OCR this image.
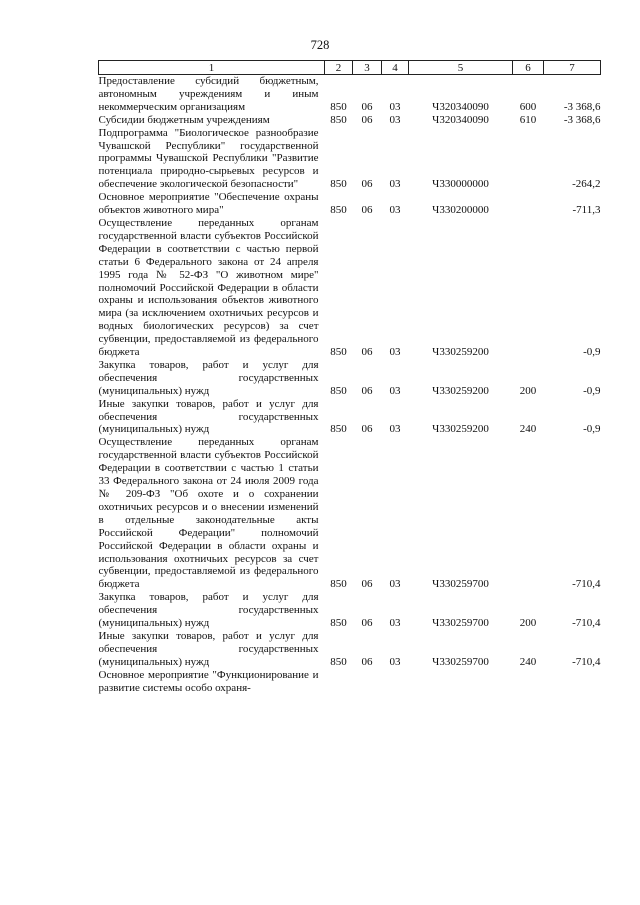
728
1	2	3	4	5	6	7
Предоставление субсидий бюджетным, автономным учреждениям и иным некоммерческим организациям	850	06	03	Ч320340090	600	-3 368,6
Субсидии бюджетным учреждениям	850	06	03	Ч320340090	610	-3 368,6
Подпрограмма "Биологическое разнообразие Чувашской Республики" государственной программы Чувашской Республики "Развитие потенциала природно-сырьевых ресурсов и обеспечение экологической безопасности"	850	06	03	Ч330000000		-264,2
Основное мероприятие "Обеспечение охраны объектов животного мира"	850	06	03	Ч330200000		-711,3
Осуществление переданных органам государственной власти субъектов Российской Федерации в соответствии с частью первой статьи 6 Федерального закона от 24 апреля 1995 года № 52-ФЗ "О животном мире" полномочий Российской Федерации в области охраны и использования объектов животного мира (за исключением охотничьих ресурсов и водных биологических ресурсов) за счет субвенции, предоставляемой из федерального бюджета	850	06	03	Ч330259200		-0,9
Закупка товаров, работ и услуг для обеспечения государственных (муниципальных) нужд	850	06	03	Ч330259200	200	-0,9
Иные закупки товаров, работ и услуг для обеспечения государственных (муниципальных) нужд	850	06	03	Ч330259200	240	-0,9
Осуществление переданных органам государственной власти субъектов Российской Федерации в соответствии с частью 1 статьи 33 Федерального закона от 24 июля 2009 года № 209-ФЗ "Об охоте и о сохранении охотничьих ресурсов и о внесении изменений в отдельные законодательные акты Российской Федерации" полномочий Российской Федерации в области охраны и использования охотничьих ресурсов за счет субвенции, предоставляемой из федерального бюджета	850	06	03	Ч330259700		-710,4
Закупка товаров, работ и услуг для обеспечения государственных (муниципальных) нужд	850	06	03	Ч330259700	200	-710,4
Иные закупки товаров, работ и услуг для обеспечения государственных (муниципальных) нужд	850	06	03	Ч330259700	240	-710,4
Основное мероприятие "Функционирование и развитие системы особо охраня-						
